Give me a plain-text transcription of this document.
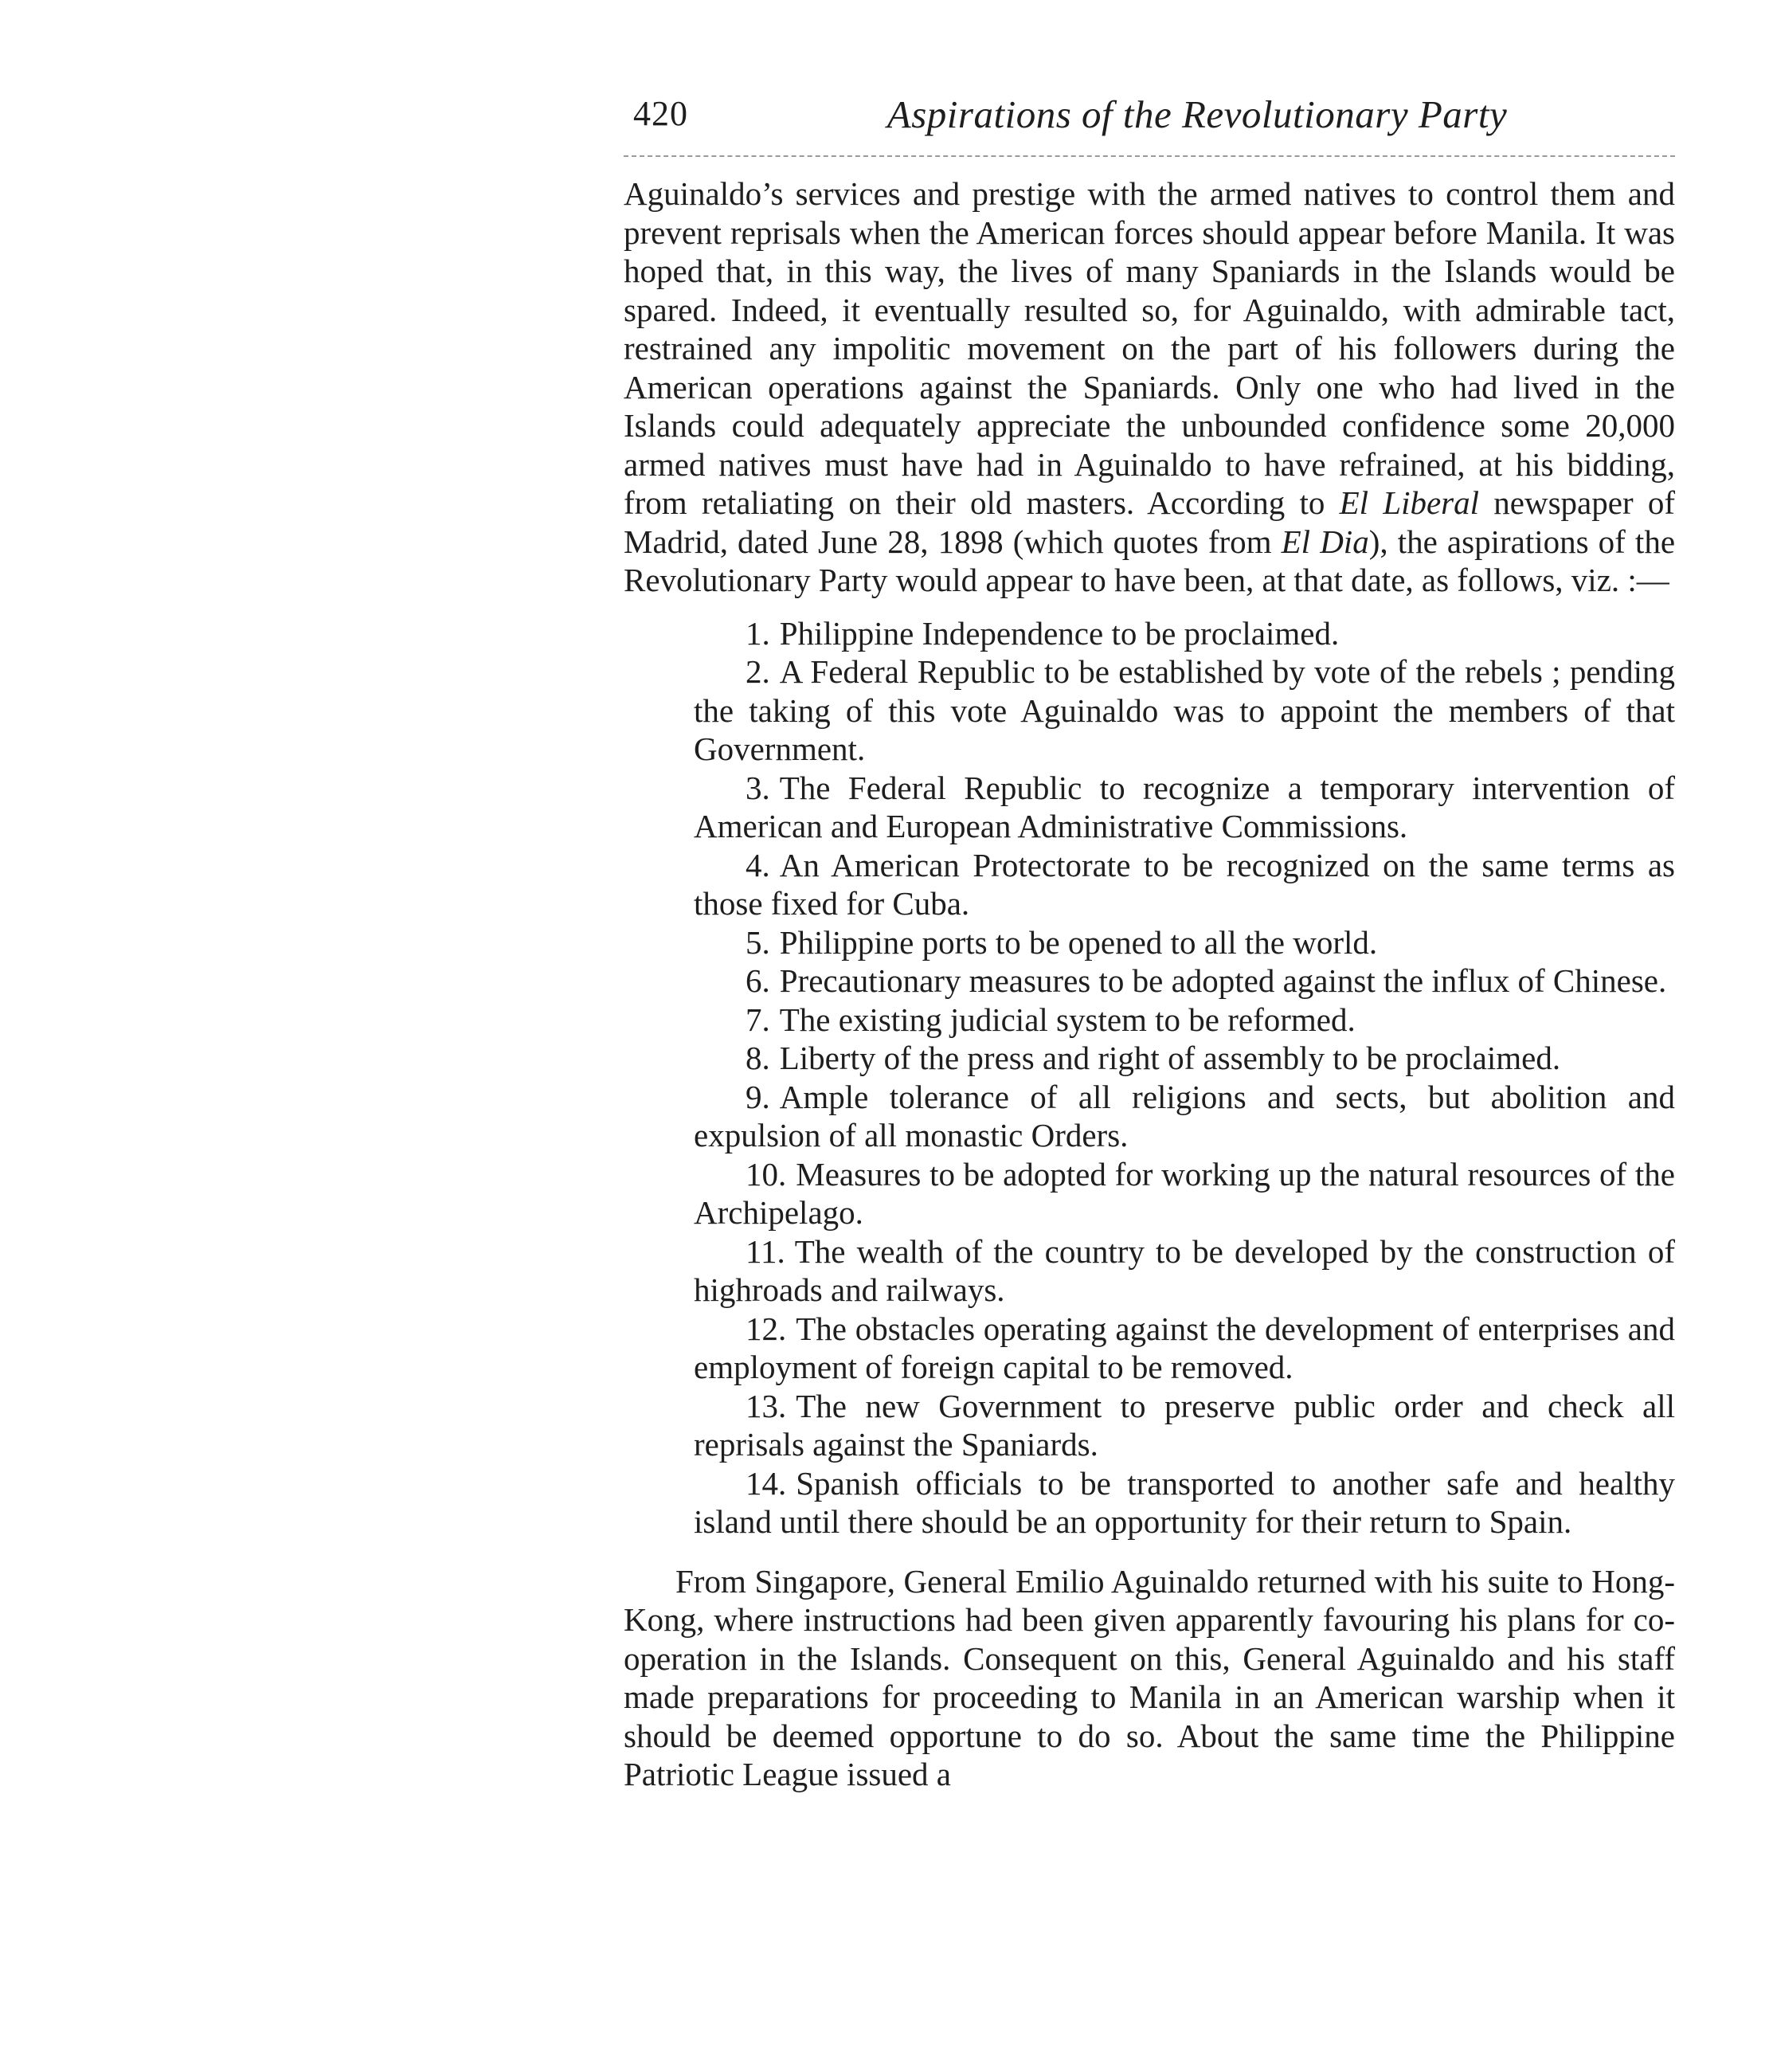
420	Aspirations of the Revolutionary Party

Aguinaldo’s services and prestige with the armed natives to control them and prevent reprisals when the American forces should appear before Manila. It was hoped that, in this way, the lives of many Spaniards in the Islands would be spared. Indeed, it eventually resulted so, for Aguinaldo, with admirable tact, restrained any impolitic movement on the part of his followers during the American operations against the Spaniards. Only one who had lived in the Islands could adequately appreciate the unbounded confidence some 20,000 armed natives must have had in Aguinaldo to have refrained, at his bidding, from retaliating on their old masters. According to El Liberal newspaper of Madrid, dated June 28, 1898 (which quotes from El Dia), the aspirations of the Revolutionary Party would appear to have been, at that date, as follows, viz. :—

1. Philippine Independence to be proclaimed.

2. A Federal Republic to be established by vote of the rebels ; pending the taking of this vote Aguinaldo was to appoint the members of that Government.

3. The Federal Republic to recognize a temporary intervention of American and European Administrative Commissions.

4. An American Protectorate to be recognized on the same terms as those fixed for Cuba.

5. Philippine ports to be opened to all the world.

6. Precautionary measures to be adopted against the influx of Chinese.

7. The existing judicial system to be reformed.

8. Liberty of the press and right of assembly to be proclaimed.

9. Ample tolerance of all religions and sects, but abolition and expulsion of all monastic Orders.

10. Measures to be adopted for working up the natural resources of the Archipelago.

11. The wealth of the country to be developed by the construction of highroads and railways.

12. The obstacles operating against the development of enterprises and employment of foreign capital to be removed.

13. The new Government to preserve public order and check all reprisals against the Spaniards.

14. Spanish officials to be transported to another safe and healthy island until there should be an opportunity for their return to Spain.

From Singapore, General Emilio Aguinaldo returned with his suite to Hong-Kong, where instructions had been given apparently favouring his plans for co-operation in the Islands. Consequent on this, General Aguinaldo and his staff made preparations for proceeding to Manila in an American warship when it should be deemed opportune to do so. About the same time the Philippine Patriotic League issued a
